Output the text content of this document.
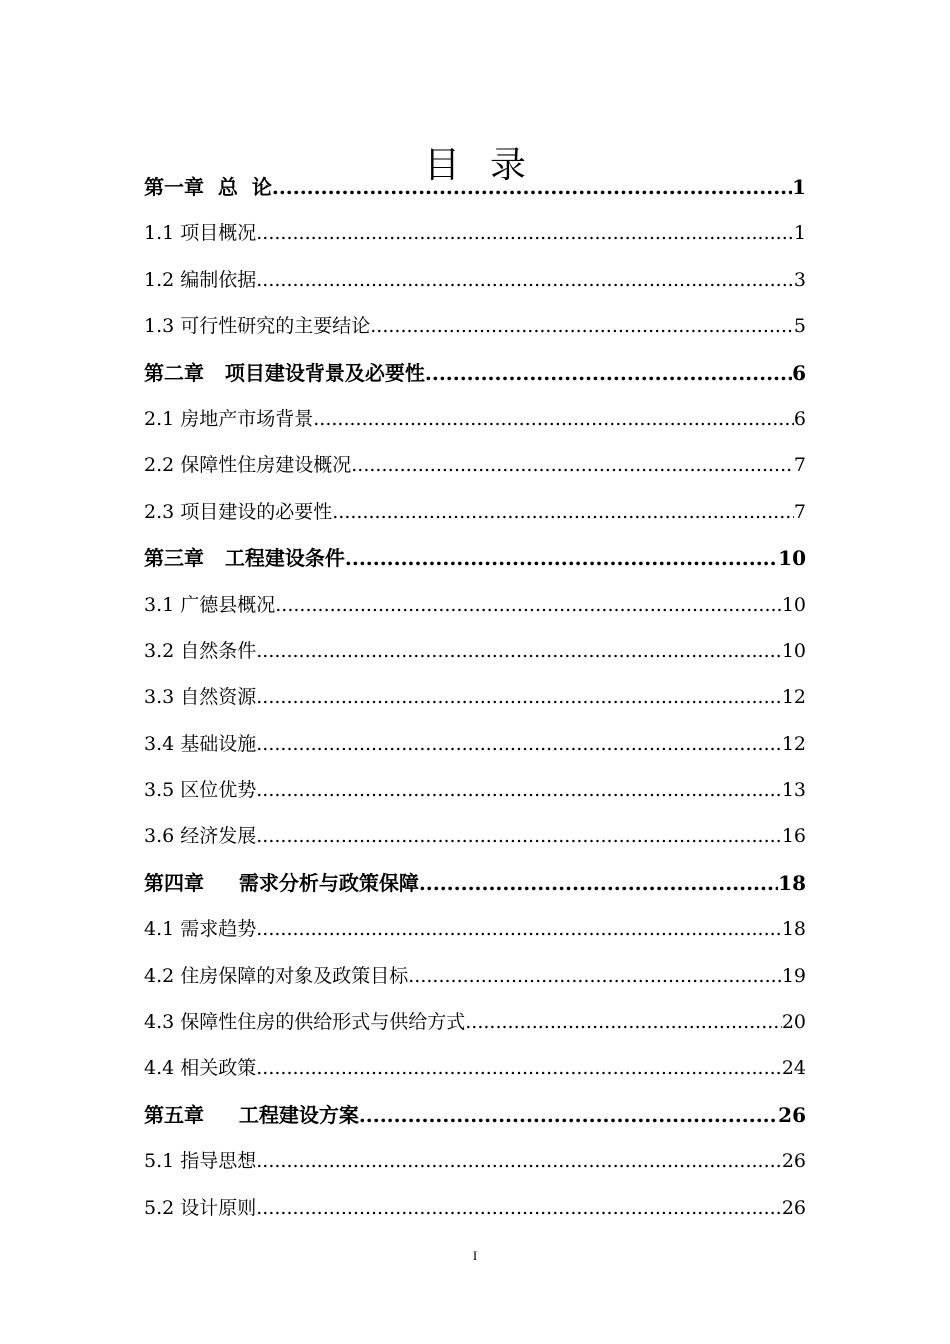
目录
第一章  总  论 .....	1
1.1 项目概况 .....	1
1.2 编制依据 .....	3
1.3 可行性研究的主要结论 .....	5
第二章   项目建设背景及必要性 .....	6
2.1 房地产市场背景 .....	6
2.2 保障性住房建设概况 .....	7
2.3 项目建设的必要性 .....	7
第三章   工程建设条件 .....	10
3.1 广德县概况 .....	10
3.2 自然条件 .....	10
3.3 自然资源 .....	12
3.4 基础设施 .....	12
3.5 区位优势 .....	13
3.6 经济发展 .....	16
第四章     需求分析与政策保障 .....	18
4.1 需求趋势 .....	18
4.2 住房保障的对象及政策目标 .....	19
4.3 保障性住房的供给形式与供给方式 .....	20
4.4 相关政策 .....	24
第五章     工程建设方案 .....	26
5.1 指导思想 .....	26
5.2 设计原则 .....	26
I
